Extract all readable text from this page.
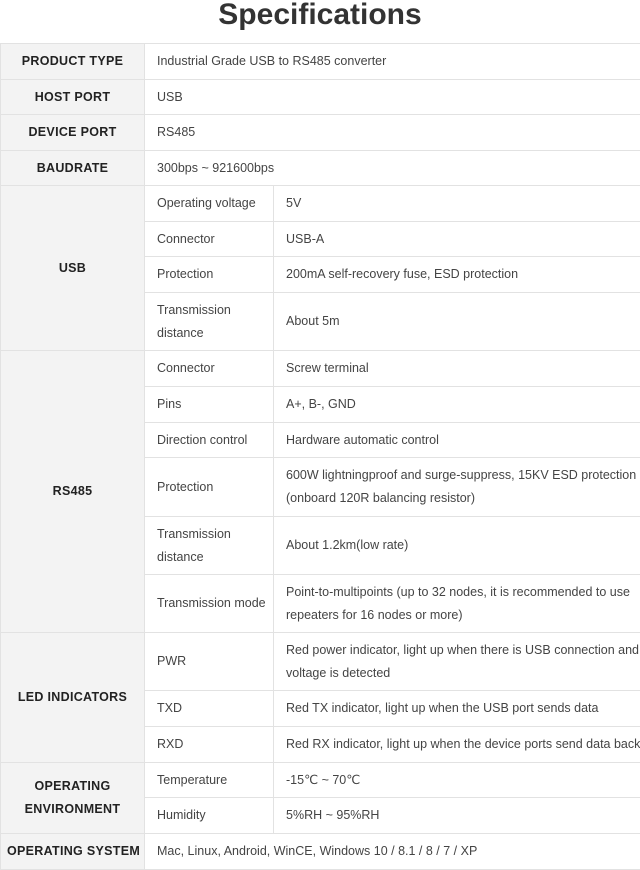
Specifications
PRODUCT TYPE	Industrial Grade USB to RS485 converter	
HOST PORT	USB	
DEVICE PORT	RS485	
BAUDRATE	300bps ~ 921600bps	
USB	Operating voltage	5V
	Connector	USB-A
	Protection	200mA self-recovery fuse, ESD protection
	Transmission distance	About 5m
RS485	Connector	Screw terminal
	Pins	A+, B-, GND
	Direction control	Hardware automatic control
	Protection	600W lightningproof and surge-suppress, 15KV ESD protection (onboard 120R balancing resistor)
	Transmission distance	About 1.2km(low rate)
	Transmission mode	Point-to-multipoints (up to 32 nodes, it is recommended to use repeaters for 16 nodes or more)
LED INDICATORS	PWR	Red power indicator, light up when there is USB connection and voltage is detected
	TXD	Red TX indicator, light up when the USB port sends data
	RXD	Red RX indicator, light up when the device ports send data back
OPERATING ENVIRONMENT	Temperature	-15℃ ~ 70℃
	Humidity	5%RH ~ 95%RH
OPERATING SYSTEM	Mac, Linux, Android, WinCE, Windows 10 / 8.1 / 8 / 7 / XP	
